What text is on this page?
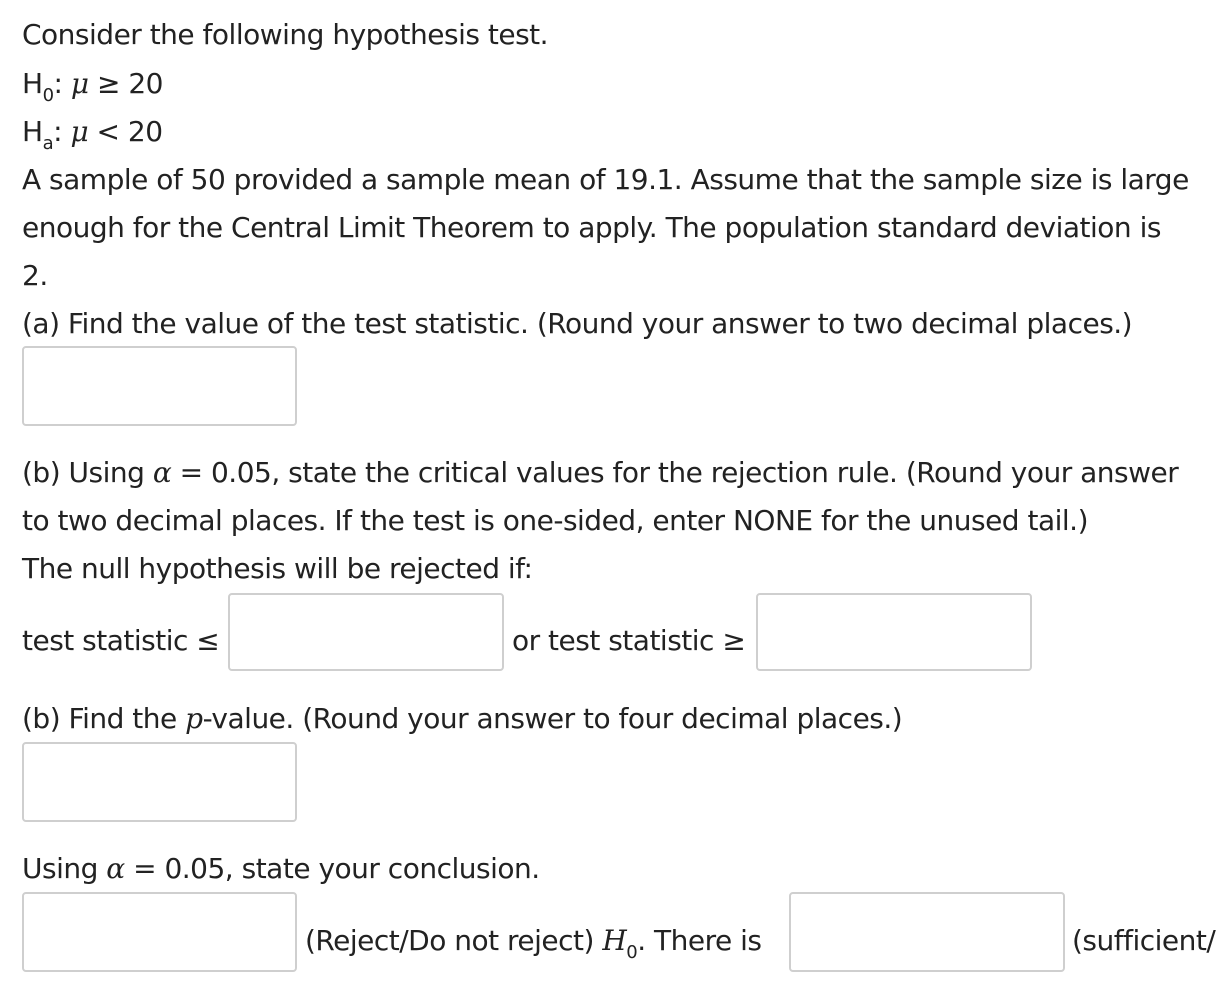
Consider the following hypothesis test.
$H_0$: μ ≥ 20
$H_a$: μ < 20
A sample of 50 provided a sample mean of 19.1. Assume that the sample size is large
enough for the Central Limit Theorem to apply. The population standard deviation is
2.
(a) Find the value of the test statistic. (Round your answer to two decimal places.)
(b) Using α = 0.05, state the critical values for the rejection rule. (Round your answer
to two decimal places. If the test is one-sided, enter NONE for the unused tail.)
The null hypothesis will be rejected if:
test statistic ≤	or test statistic ≥
(b) Find the p-value. (Round your answer to four decimal places.)
Using α = 0.05, state your conclusion.
(Reject/Do not reject) $H_0$. There is	(sufficient/
